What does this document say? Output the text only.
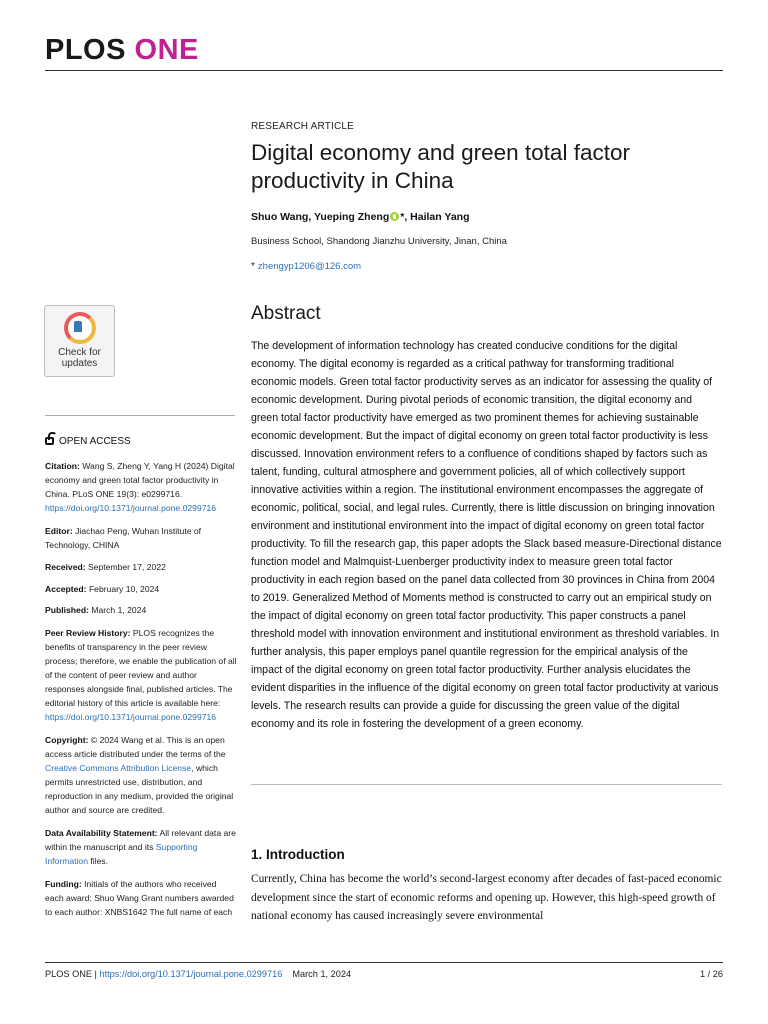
PLOS ONE
RESEARCH ARTICLE
Digital economy and green total factor productivity in China
Shuo Wang, Yueping Zheng *, Hailan Yang
Business School, Shandong Jianzhu University, Jinan, China
* zhengyp1206@126.com
Abstract

The development of information technology has created conducive conditions for the digital economy. The digital economy is regarded as a critical pathway for transforming traditional economic models. Green total factor productivity serves as an indicator for assessing the quality of economic development. During pivotal periods of economic transition, the digital economy and green total factor productivity have emerged as two prominent themes for achieving sustainable economic development. But the impact of digital economy on green total factor productivity is less discussed. Innovation environment refers to a confluence of conditions shaped by factors such as talent, funding, cultural atmosphere and government policies, all of which collectively support innovative activities within a region. The institutional environment encompasses the aggregate of economic, political, social, and legal rules. Currently, there is little discussion on bringing innovation environment and institutional environment into the impact of digital economy on green total factor productivity. To fill the research gap, this paper adopts the Slack based measure-Directional distance function model and Malmquist-Luenberger productivity index to measure green total factor productivity in each region based on the panel data collected from 30 provinces in China from 2004 to 2019. Generalized Method of Moments method is constructed to carry out an empirical study on the impact of digital economy on green total factor productivity. This paper constructs a panel threshold model with innovation environment and institutional environment as threshold variables. In further analysis, this paper employs panel quantile regression for the empirical analysis of the impact of the digital economy on green total factor productivity. Further analysis elucidates the evident disparities in the influence of the digital economy on green total factor productivity at various levels. The research results can provide a guide for discussing the green value of the digital economy and its role in fostering the development of a green economy.

1. Introduction

Currently, China has become the world’s second-largest economy after decades of fast-paced economic development since the start of economic reforms and opening up. However, this high-speed growth of national economy has caused increasingly severe environmental

Check for
updates
OPEN ACCESS

Citation: Wang S, Zheng Y, Yang H (2024) Digital economy and green total factor productivity in China. PLoS ONE 19(3): e0299716. https://doi.org/10.1371/journal.pone.0299716

Editor: Jiachao Peng, Wuhan Institute of Technology, CHINA

Received: September 17, 2022

Accepted: February 10, 2024

Published: March 1, 2024

Peer Review History: PLOS recognizes the benefits of transparency in the peer review process; therefore, we enable the publication of all of the content of peer review and author responses alongside final, published articles. The editorial history of this article is available here: https://doi.org/10.1371/journal.pone.0299716

Copyright: © 2024 Wang et al. This is an open access article distributed under the terms of the Creative Commons Attribution License, which permits unrestricted use, distribution, and reproduction in any medium, provided the original author and source are credited.

Data Availability Statement: All relevant data are within the manuscript and its Supporting Information files.

Funding: Initials of the authors who received each award: Shuo Wang Grant numbers awarded to each author: XNBS1642 The full name of each

PLOS ONE | https://doi.org/10.1371/journal.pone.0299716 March 1, 2024	1 / 26
